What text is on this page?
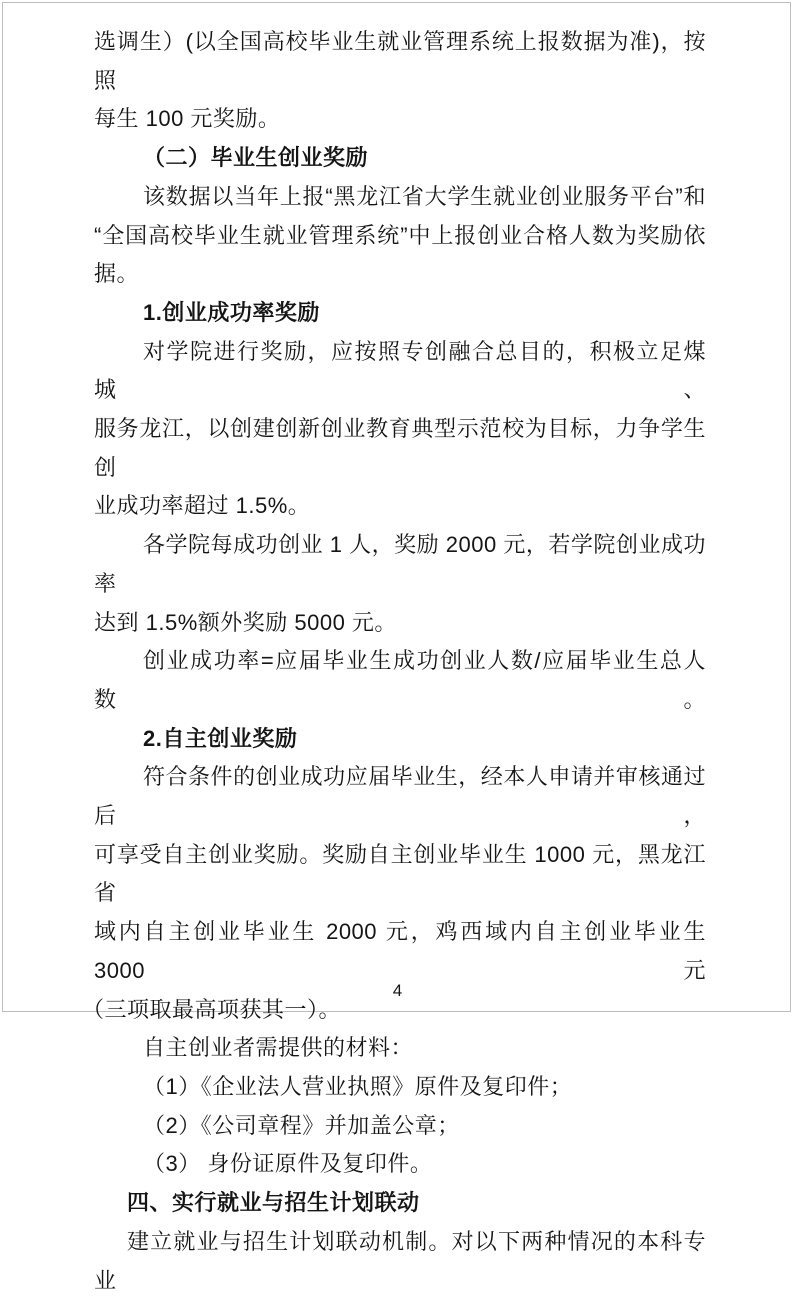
选调生）(以全国高校毕业生就业管理系统上报数据为准)，按照
每生 100 元奖励。
（二）毕业生创业奖励
该数据以当年上报“黑龙江省大学生就业创业服务平台”和
“全国高校毕业生就业管理系统”中上报创业合格人数为奖励依
据。
1.创业成功率奖励
对学院进行奖励，应按照专创融合总目的，积极立足煤城、
服务龙江，以创建创新创业教育典型示范校为目标，力争学生创
业成功率超过 1.5%。
各学院每成功创业 1 人，奖励 2000 元，若学院创业成功率
达到 1.5%额外奖励 5000 元。
创业成功率=应届毕业生成功创业人数/应届毕业生总人数。
2.自主创业奖励
符合条件的创业成功应届毕业生，经本人申请并审核通过后，
可享受自主创业奖励。奖励自主创业毕业生 1000 元，黑龙江省
域内自主创业毕业生 2000 元，鸡西域内自主创业毕业生 3000 元
（三项取最高项获其一）。
自主创业者需提供的材料：
（1）《企业法人营业执照》原件及复印件；
（2）《公司章程》并加盖公章；
（3） 身份证原件及复印件。
四、实行就业与招生计划联动
建立就业与招生计划联动机制。对以下两种情况的本科专业
4
